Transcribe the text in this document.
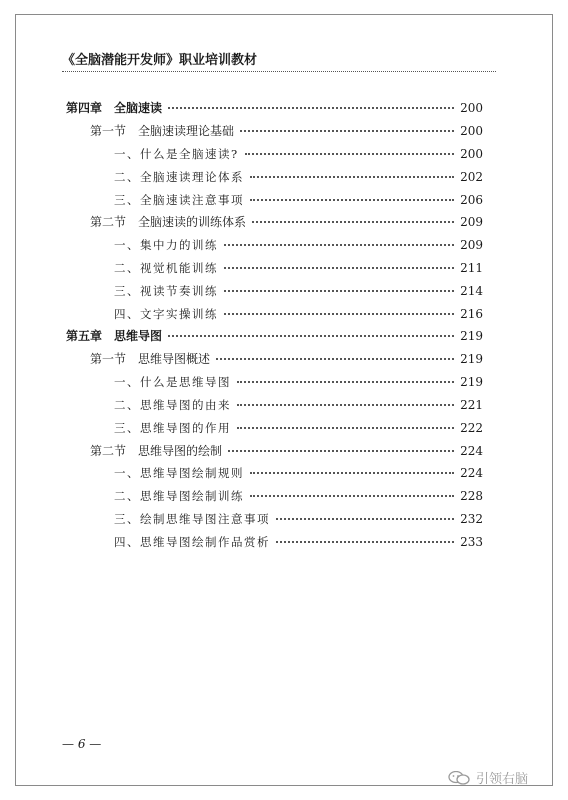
《全脑潜能开发师》职业培训教材
第四章　全脑速读	200
第一节　全脑速读理论基础	200
一、什么是全脑速读?	200
二、全脑速读理论体系	202
三、全脑速读注意事项	206
第二节　全脑速读的训练体系	209
一、集中力的训练	209
二、视觉机能训练	211
三、视读节奏训练	214
四、文字实操训练	216
第五章　思维导图	219
第一节　思维导图概述	219
一、什么是思维导图	219
二、思维导图的由来	221
三、思维导图的作用	222
第二节　思维导图的绘制	224
一、思维导图绘制规则	224
二、思维导图绘制训练	228
三、绘制思维导图注意事项	232
四、思维导图绘制作品赏析	233
— 6 —
引领右脑
